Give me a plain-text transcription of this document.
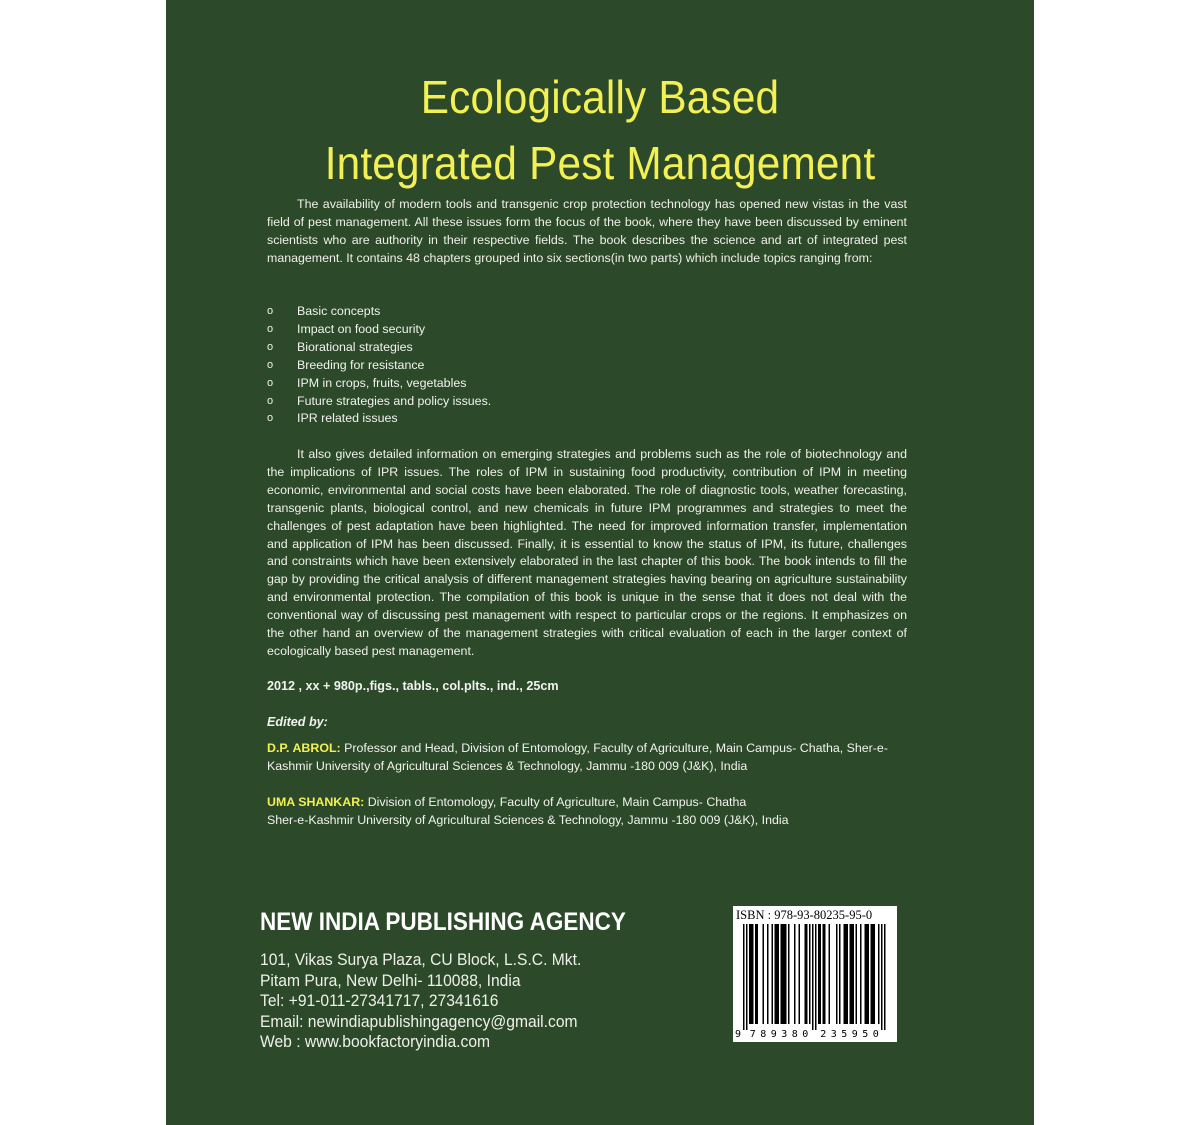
Ecologically Based
Integrated Pest Management
The availability of modern tools and transgenic crop protection technology has opened new vistas in the vast field of pest management. All these issues form the focus of the book, where they have been discussed by eminent scientists who are authority in their respective fields. The book describes the science and art of integrated pest management. It contains 48 chapters grouped into six sections(in two parts) which include topics ranging from:
o Basic concepts
o Impact on food security
o Biorational strategies
o Breeding for resistance
o IPM in crops, fruits, vegetables
o Future strategies and policy issues.
o IPR related issues
It also gives detailed information on emerging strategies and problems such as the role of biotechnology and the implications of IPR issues. The roles of IPM in sustaining food productivity, contribution of IPM in meeting economic, environmental and social costs have been elaborated. The role of diagnostic tools, weather forecasting, transgenic plants, biological control, and new chemicals in future IPM programmes and strategies to meet the challenges of pest adaptation have been highlighted. The need for improved information transfer, implementation and application of IPM has been discussed. Finally, it is essential to know the status of IPM, its future, challenges and constraints which have been extensively elaborated in the last chapter of this book. The book intends to fill the gap by providing the critical analysis of different management strategies having bearing on agriculture sustainability and environmental protection. The compilation of this book is unique in the sense that it does not deal with the conventional way of discussing pest management with respect to particular crops or the regions. It emphasizes on the other hand an overview of the management strategies with critical evaluation of each in the larger context of ecologically based pest management.
2012 , xx + 980p.,figs., tabls., col.plts., ind., 25cm
Edited by:
D.P. ABROL: Professor and Head, Division of Entomology, Faculty of Agriculture, Main Campus- Chatha, Sher-e-Kashmir University of Agricultural Sciences & Technology, Jammu -180 009 (J&K), India
UMA SHANKAR: Division of Entomology, Faculty of Agriculture, Main Campus- Chatha
Sher-e-Kashmir University of Agricultural Sciences & Technology, Jammu -180 009 (J&K), India
NEW INDIA PUBLISHING AGENCY
101, Vikas Surya Plaza, CU Block, L.S.C. Mkt.
Pitam Pura, New Delhi- 110088, India
Tel: +91-011-27341717, 27341616
Email: newindiapublishingagency@gmail.com
Web : www.bookfactoryindia.com
ISBN : 978-93-80235-95-0
9 7 8 9 3 8 0 2 3 5 9 5 0
